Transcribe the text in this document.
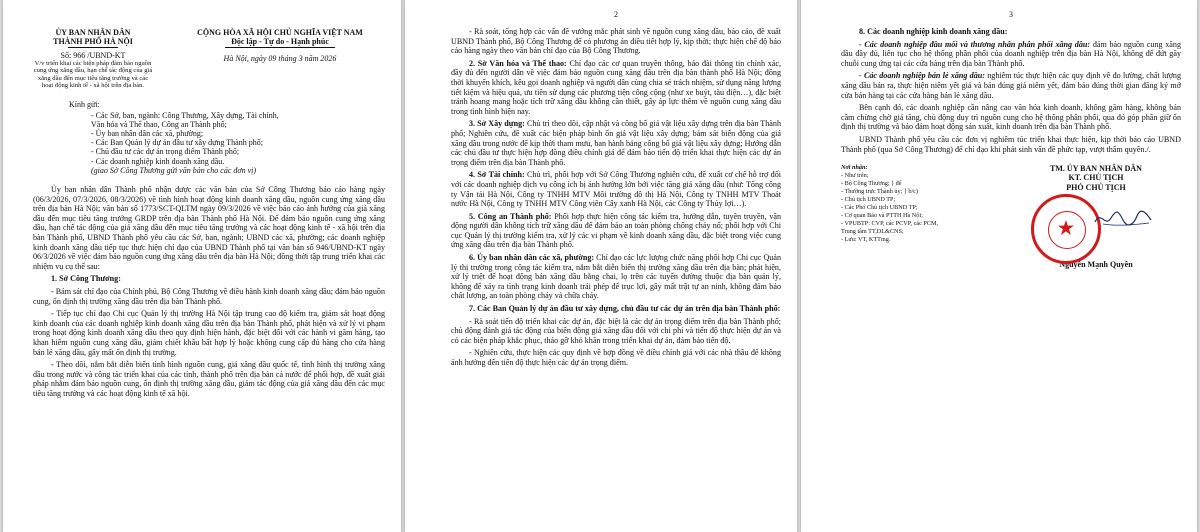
ỦY BAN NHÂN DÂN
THÀNH PHỐ HÀ NỘI
Số: 966 /UBND-KT
V/v triển khai các biện pháp đảm bảo nguồn cung ứng xăng dầu, hạn chế tác động của giá xăng dầu đến mục tiêu tăng trưởng và các hoạt động kinh tế - xã hội trên địa bàn.
CỘNG HÒA XÃ HỘI CHỦ NGHĨA VIỆT NAM
Độc lập - Tự do - Hạnh phúc
Hà Nội, ngày 09 tháng 3 năm 2026
Kính gửi:
- Các Sở, ban, ngành: Công Thương, Xây dựng, Tài chính,
Văn hóa và Thể thao, Công an Thành phố;
- Ủy ban nhân dân các xã, phường;
- Các Ban Quản lý dự án đầu tư xây dựng Thành phố;
- Chủ đầu tư các dự án trọng điểm Thành phố;
- Các doanh nghiệp kinh doanh xăng dầu.
(giao Sở Công Thương gửi văn bản cho các đơn vị)

Ủy ban nhân dân Thành phố nhận được các văn bản của Sở Công Thương báo cáo hàng ngày (06/3/2026, 07/3/2026, 08/3/2026) về tình hình hoạt động kinh doanh xăng dầu, nguồn cung ứng xăng dầu trên địa bàn Hà Nội; văn bản số 1773/SCT-QLTM ngày 09/3/2026 về việc báo cáo ảnh hưởng của giá xăng dầu đến mục tiêu tăng trưởng GRDP trên địa bàn Thành phố Hà Nội. Để đảm bảo nguồn cung ứng xăng dầu, hạn chế tác động của giá xăng dầu đến mục tiêu tăng trưởng và các hoạt động kinh tế - xã hội trên địa bàn Thành phố, UBND Thành phố yêu cầu các Sở, ban, ngành; UBND các xã, phường; các doanh nghiệp kinh doanh xăng dầu tiếp tục thực hiện chỉ đạo của UBND Thành phố tại văn bản số 946/UBND-KT ngày 06/3/2026 về việc đảm bảo nguồn cung ứng xăng dầu trên địa bàn Hà Nội; đồng thời tập trung triển khai các nhiệm vụ cụ thể sau:

1. Sở Công Thương:

- Bám sát chỉ đạo của Chính phủ, Bộ Công Thương về điều hành kinh doanh xăng dầu; đảm bảo nguồn cung, ổn định thị trường xăng dầu trên địa bàn Thành phố.

- Tiếp tục chỉ đạo Chi cục Quản lý thị trường Hà Nội tập trung cao độ kiểm tra, giám sát hoạt động kinh doanh của các doanh nghiệp kinh doanh xăng dầu trên địa bàn Thành phố, phát hiện và xử lý vi phạm trong hoạt động kinh doanh xăng dầu theo quy định hiện hành, đặc biệt đối với các hành vi găm hàng, tạo khan hiếm nguồn cung xăng dầu, giám chiết khấu bất hợp lý hoặc không cung cấp đủ hàng cho cửa hàng bán lẻ xăng dầu, gây mất ổn định thị trường.

- Theo dõi, nắm bắt diễn biến tình hình nguồn cung, giá xăng dầu quốc tế, tình hình thị trường xăng dầu trong nước và công tác triển khai của các tỉnh, thành phố trên địa bàn cả nước để phối hợp, đề xuất giải pháp nhằm đảm bảo nguồn cung, ổn định thị trường xăng dầu, giảm tác động của giá xăng dầu đến các mục tiêu tăng trưởng và các hoạt động kinh tế xã hội.

2

- Rà soát, tổng hợp các vấn đề vướng mắc phát sinh về nguồn cung xăng dầu, báo cáo, đề xuất UBND Thành phố, Bộ Công Thương để có phương án điều tiết hợp lý, kịp thời; thực hiện chế độ báo cáo hàng ngày theo văn bản chỉ đạo của Bộ Công Thương.

2. Sở Văn hóa và Thể thao: Chỉ đạo các cơ quan truyền thông, báo đài thông tin chính xác, đầy đủ đến người dân về việc đảm bảo nguồn cung xăng dầu trên địa bàn thành phố Hà Nội; đồng thời khuyến khích, kêu gọi doanh nghiệp và người dân cùng chia sẻ trách nhiệm, sử dụng năng lượng tiết kiệm và hiệu quả, ưu tiên sử dụng các phương tiện công cộng (như xe buýt, tàu điện…), đặc biệt tránh hoang mang hoặc tích trữ xăng dầu không cần thiết, gây áp lực thêm về nguồn cung xăng dầu trong tình hình hiện nay.

3. Sở Xây dựng: Chủ trì theo dõi, cập nhật và công bố giá vật liệu xây dựng trên địa bàn Thành phố; Nghiên cứu, đề xuất các biện pháp bình ổn giá vật liệu xây dựng; bám sát biến động của giá xăng dầu trong nước để kịp thời tham mưu, ban hành bảng công bố giá vật liệu xây dựng; Hướng dẫn các chủ đầu tư thực hiện hợp đồng điều chỉnh giá để đảm bảo tiến độ triển khai thực hiện các dự án trọng điểm trên địa bàn Thành phố.

4. Sở Tài chính: Chủ trì, phối hợp với Sở Công Thương nghiên cứu, đề xuất cơ chế hỗ trợ đối với các doanh nghiệp dịch vụ công ích bị ảnh hưởng lớn bởi việc tăng giá xăng dầu (như: Tổng công ty Vận tải Hà Nội, Công ty TNHH MTV Môi trường đô thị Hà Nội, Công ty TNHH MTV Thoát nước Hà Nội, Công ty TNHH MTV Công viên Cây xanh Hà Nội, các Công ty Thủy lợi…).

5. Công an Thành phố: Phối hợp thực hiện công tác kiểm tra, hướng dẫn, tuyên truyền, vận động người dân không tích trữ xăng dầu để đảm bảo an toàn phòng chống cháy nổ; phối hợp với Chi cục Quản lý thị trường kiểm tra, xử lý các vi phạm về kinh doanh xăng dầu, đặc biệt trong việc cung ứng xăng dầu trên địa bàn Thành phố.

6. Ủy ban nhân dân các xã, phường: Chỉ đạo các lực lượng chức năng phối hợp Chi cục Quản lý thị trường trong công tác kiểm tra, nắm bắt diễn biến thị trường xăng dầu trên địa bàn; phát hiện, xử lý triệt để hoạt động bán xăng dầu bằng chai, lọ trên các tuyến đường thuộc địa bàn quản lý, không để xảy ra tình trạng kinh doanh trái phép để trục lợi, gây mất trật tự an ninh, không đảm bảo chất lượng, an toàn phòng cháy và chữa cháy.

7. Các Ban Quản lý dự án đầu tư xây dựng, chủ đầu tư các dự án trên địa bàn Thành phố:

- Rà soát tiến độ triển khai các dự án, đặc biệt là các dự án trọng điểm trên địa bàn Thành phố; chủ động đánh giá tác động của biến động giá xăng dầu đối với chi phí và tiến độ thực hiện dự án và có các biện pháp khắc phục, tháo gỡ khó khăn trong triển khai dự án, đảm bảo tiến độ.

- Nghiên cứu, thực hiện các quy định về hợp đồng về điều chỉnh giá với các nhà thầu để không ảnh hưởng đến tiến độ thực hiện các dự án trọng điểm.

3

8. Các doanh nghiệp kinh doanh xăng dầu:

- Các doanh nghiệp đầu mối và thương nhân phân phối xăng dầu: đảm bảo nguồn cung xăng dầu đầy đủ, liên tục cho hệ thống phân phối của doanh nghiệp trên địa bàn Hà Nội, không để đứt gãy chuỗi cung ứng tại các cửa hàng trên địa bàn Thành phố.

- Các doanh nghiệp bán lẻ xăng dầu: nghiêm túc thực hiện các quy định về đo lường, chất lượng xăng dầu bán ra, thực hiện niêm yết giá và bán đúng giá niêm yết, đảm bảo đúng thời gian đăng ký mở cửa bán hàng tại các cửa hàng bán lẻ xăng dầu.

Bên cạnh đó, các doanh nghiệp cần nâng cao văn hóa kinh doanh, không găm hàng, không bán cầm chừng chờ giá tăng, chủ động duy trì nguồn cung cho hệ thống phân phối, qua đó góp phần giữ ổn định thị trường và bảo đảm hoạt động sản xuất, kinh doanh trên địa bàn Thành phố.

UBND Thành phố yêu cầu các đơn vị nghiêm túc triển khai thực hiện, kịp thời báo cáo UBND Thành phố (qua Sở Công Thương) để chỉ đạo khi phát sinh vấn đề phức tạp, vượt thẩm quyền./.

Nơi nhận:
- Như trên;
- Bộ Công Thương; } để
- Thường trực Thành ủy; } b/c)
- Chủ tịch UBND TP;
- Các Phó Chủ tịch UBND TP;
- Cơ quan Báo và PTTH Hà Nội;
- VPUBTP: CVP, các PCVP, các PCM,
Trung tâm TT,DL&CNS;
- Lưu: VT, KTTmg.
TM. ỦY BAN NHÂN DÂN
KT. CHỦ TỊCH
PHÓ CHỦ TỊCH
★
Nguyễn Mạnh Quyền
